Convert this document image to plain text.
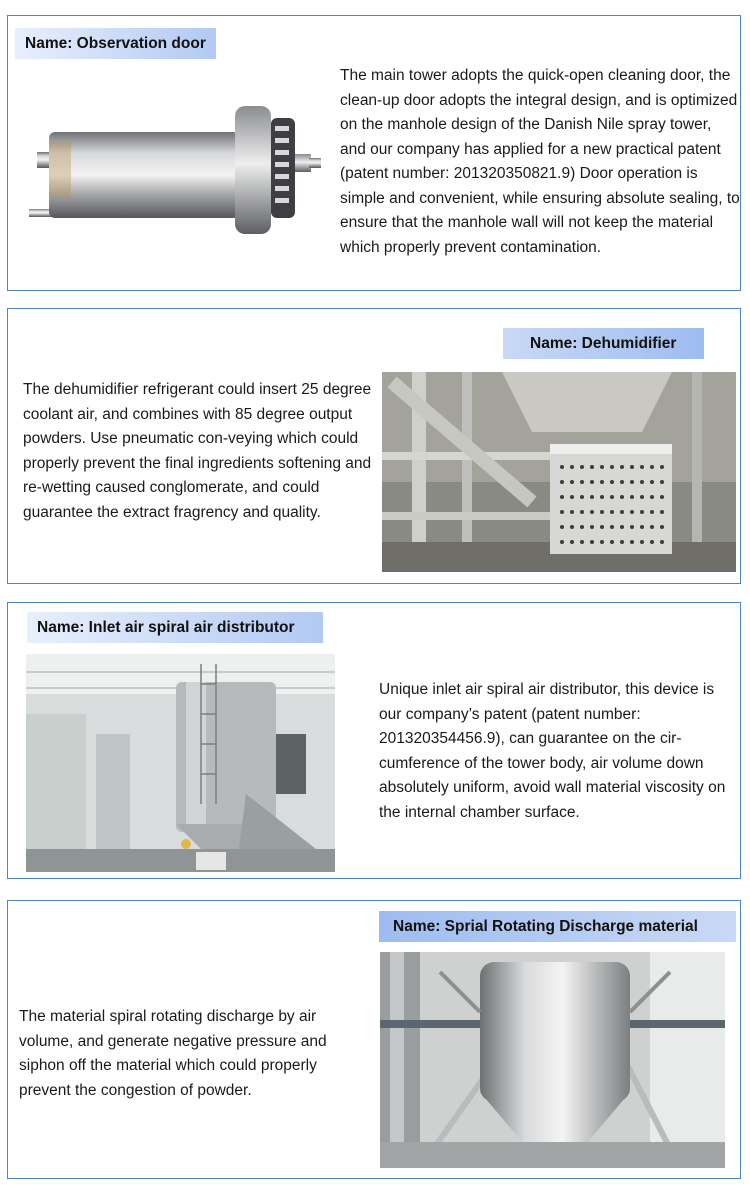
Name: Observation door
The main tower adopts the quick-open cleaning door, the clean-up door adopts the integral design, and is optimized on the manhole design of the Danish Nile spray tower, and our company has applied for a new practical patent (patent number: 201320350821.9) Door operation is simple and convenient, while ensuring absolute sealing, to ensure that the manhole wall will not keep the material which properly prevent contamination.
Name: Dehumidifier
The dehumidifier refrigerant could insert 25 degree coolant air, and combines with 85 degree output powders. Use pneumatic con-veying which could properly prevent the final ingredients softening and re-wetting caused conglomerate, and could guarantee the extract fragrency and quality.
Name: Inlet air spiral air distributor
Unique inlet air spiral air distributor, this device is our company’s patent (patent number: 201320354456.9), can guarantee on the cir-cumference of the tower body, air volume down absolutely uniform, avoid wall material viscosity on the internal chamber surface.
Name: Sprial Rotating Discharge material
The material spiral rotating discharge by air volume, and generate negative pressure and siphon off the material which could properly prevent the congestion of powder.
